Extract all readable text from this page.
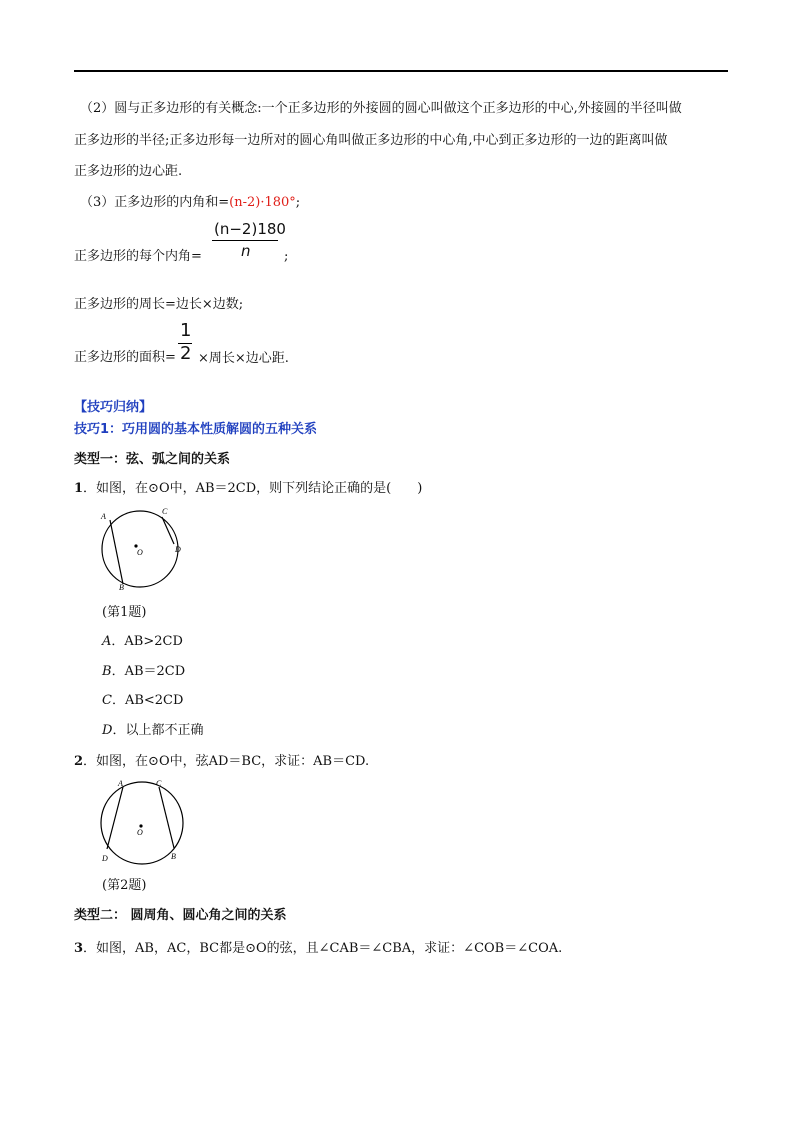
（2）圆与正多边形的有关概念:一个正多边形的外接圆的圆心叫做这个正多边形的中心,外接圆的半径叫做
正多边形的半径;正多边形每一边所对的圆心角叫做正多边形的中心角,中心到正多边形的一边的距离叫做
正多边形的边心距.
（3）正多边形的内角和=(n-2)·180°;
正多边形的每个内角=
(n−2)180
n	;
正多边形的周长=边长×边数;
正多边形的面积=
1
2 ×周长×边心距.
【技巧归纳】
技巧1：巧用圆的基本性质解圆的五种关系
类型一：弦、弧之间的关系
1．如图，在⊙O中，AB＝2CD，则下列结论正确的是(　　)
A
B
C
D
O
(第1题)
A．AB>2CD
B．AB＝2CD
C．AB<2CD
D．以上都不正确
2．如图，在⊙O中，弦AD＝BC，求证：AB＝CD.
A
D
C
B
O
(第2题)
类型二： 圆周角、圆心角之间的关系
3．如图，AB，AC，BC都是⊙O的弦，且∠CAB＝∠CBA，求证：∠COB＝∠COA.
